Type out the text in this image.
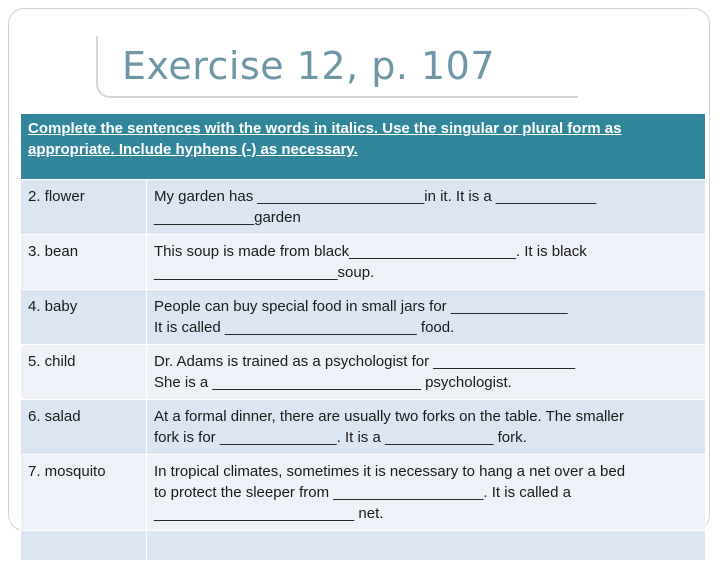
Exercise 12, p. 107
Complete the sentences with the words in italics. Use the singular or plural form as appropriate. Include hyphens (-) as necessary.	
2. flower	My garden has ____________________in it. It is a ____________
____________garden

3. bean	This soup is made from black____________________. It is black
______________________soup.

4. baby	People can buy special food in small jars for ______________
It is called _______________________ food.

5. child	Dr. Adams is trained as a psychologist for _________________
She is a _________________________ psychologist.

6. salad	At a formal dinner, there are usually two forks on the table. The smaller
fork is for ______________. It is a _____________ fork.

7. mosquito	In tropical climates, sometimes it is necessary to hang a net over a bed
to protect the sleeper from __________________. It is called a
________________________ net.
